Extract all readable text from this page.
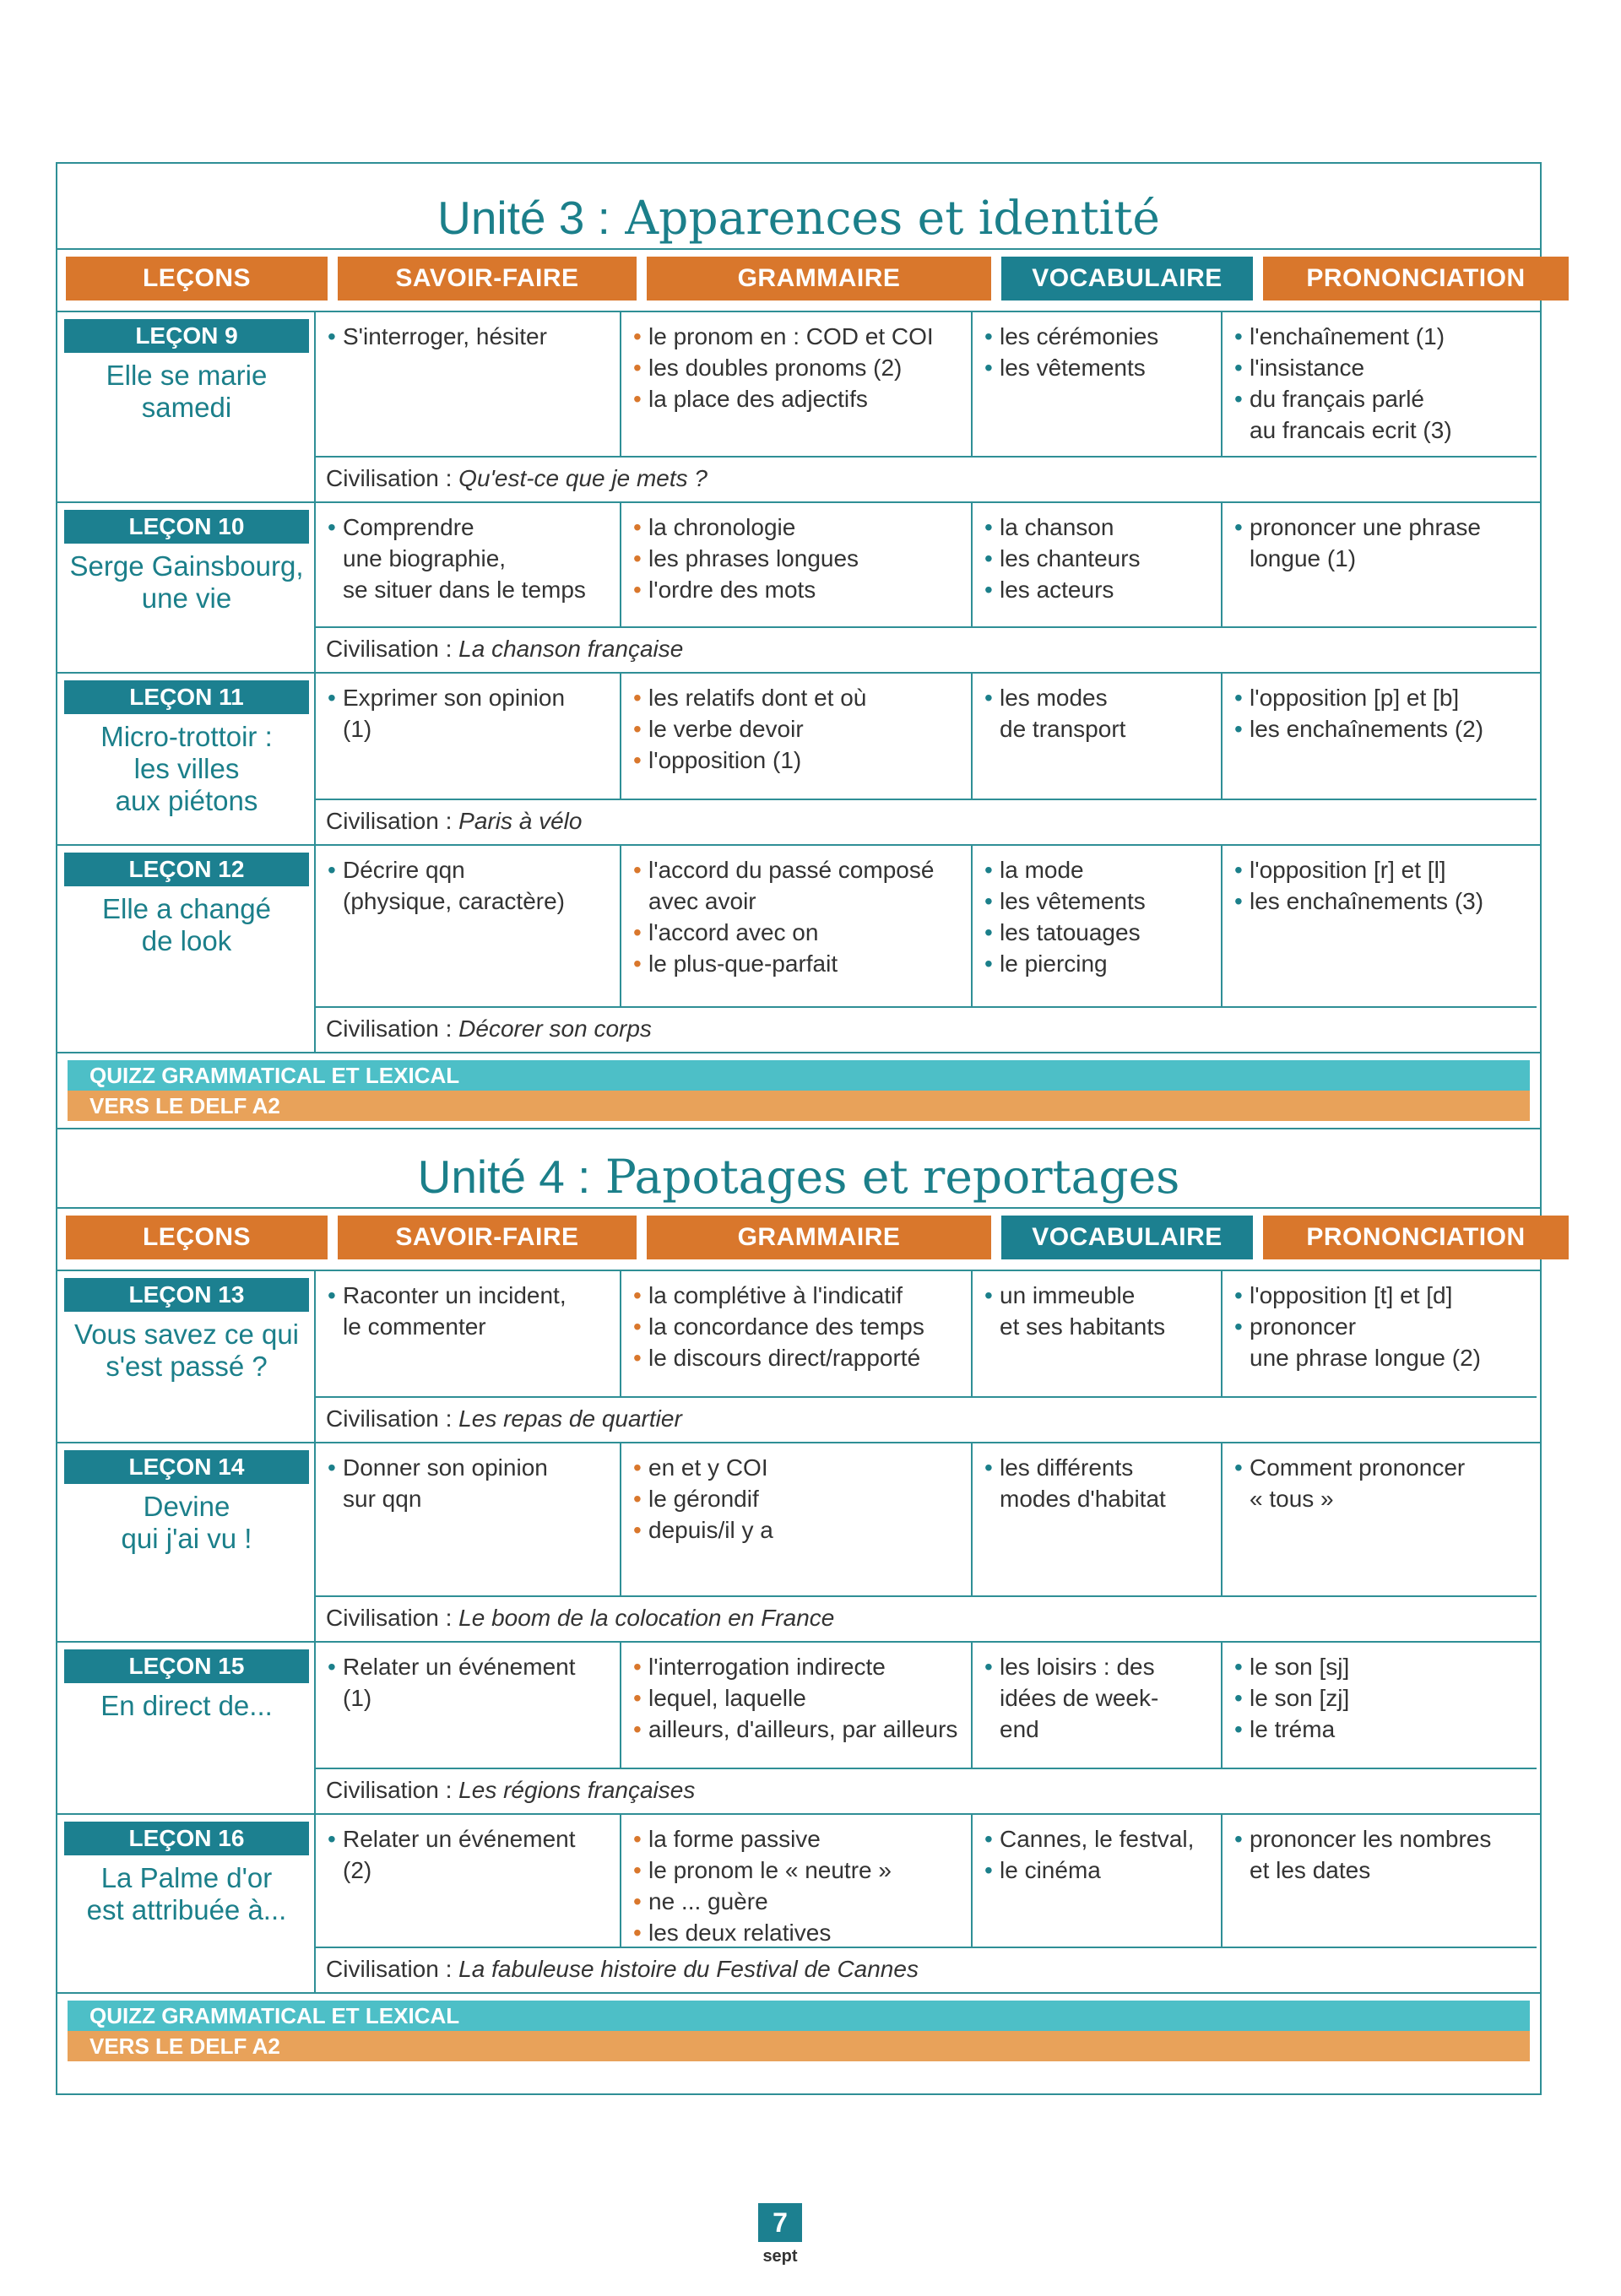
Unité 3 : Apparences et identité
LEÇONS	SAVOIR-FAIRE	GRAMMAIRE	VOCABULAIRE	PRONONCIATION
LEÇON 9
Elle se marie
samedi
• S'interroger, hésiter
•	le pronom en : COD et COI
• les doubles pronoms (2)
• la place des adjectifs
• les cérémonies
• les vêtements
• l'enchaînement (1)
• l'insistance
• du français parlé
au francais ecrit (3)
Civilisation : Qu'est-ce que je mets ?
LEÇON 10
Serge Gainsbourg,
une vie
• Comprendre
une biographie,
se situer dans le temps
• la chronologie
• les phrases longues
• l'ordre des mots
• la chanson
• les chanteurs
• les acteurs
• prononcer une phrase
longue (1)
Civilisation : La chanson française
LEÇON 11
Micro-trottoir :
les villes
aux piétons
• Exprimer son opinion
(1)
• les relatifs dont et où
• le verbe devoir
• l'opposition (1)
• les modes
de transport
• l'opposition [p] et [b]
• les enchaînements (2)
Civilisation : Paris à vélo
LEÇON 12
Elle a changé
de look
• Décrire qqn
(physique, caractère)
• l'accord du passé composé
avec avoir
• l'accord avec on
• le plus-que-parfait
• la mode
• les vêtements
• les tatouages
• le piercing
• l'opposition [r] et [l]
• les enchaînements (3)
Civilisation : Décorer son corps
QUIZZ GRAMMATICAL ET LEXICAL
VERS LE DELF A2
Unité 4 : Papotages et reportages
LEÇONS	SAVOIR-FAIRE	GRAMMAIRE	VOCABULAIRE	PRONONCIATION
LEÇON 13
Vous savez ce qui
s'est passé ?
• Raconter un incident,
le commenter
• la complétive à l'indicatif
• la concordance des temps
• le discours direct/rapporté
• un immeuble
et ses habitants
• l'opposition [t] et [d]
• prononcer
une phrase longue (2)
Civilisation : Les repas de quartier
LEÇON 14
Devine
qui j'ai vu !
• Donner son opinion
sur qqn
• en et y COI
• le gérondif
• depuis/il y a
• les différents
modes d'habitat
• Comment prononcer
« tous »
Civilisation : Le boom de la colocation en France
LEÇON 15
En direct de...
• Relater un événement
(1)
• l'interrogation indirecte
• lequel, laquelle
• ailleurs, d'ailleurs, par ailleurs
• les loisirs : des
idées de week-
end
• le son [sj]
• le son [zj]
• le tréma
Civilisation : Les régions françaises
LEÇON 16
La Palme d'or
est attribuée à...
• Relater un événement
(2)
• la forme passive
• le pronom le « neutre »
• ne ... guère
• les deux relatives
• Cannes, le festval,
• le cinéma
• prononcer les nombres
et les dates
Civilisation : La fabuleuse histoire du Festival de Cannes
QUIZZ GRAMMATICAL ET LEXICAL
VERS LE DELF A2
7
sept
